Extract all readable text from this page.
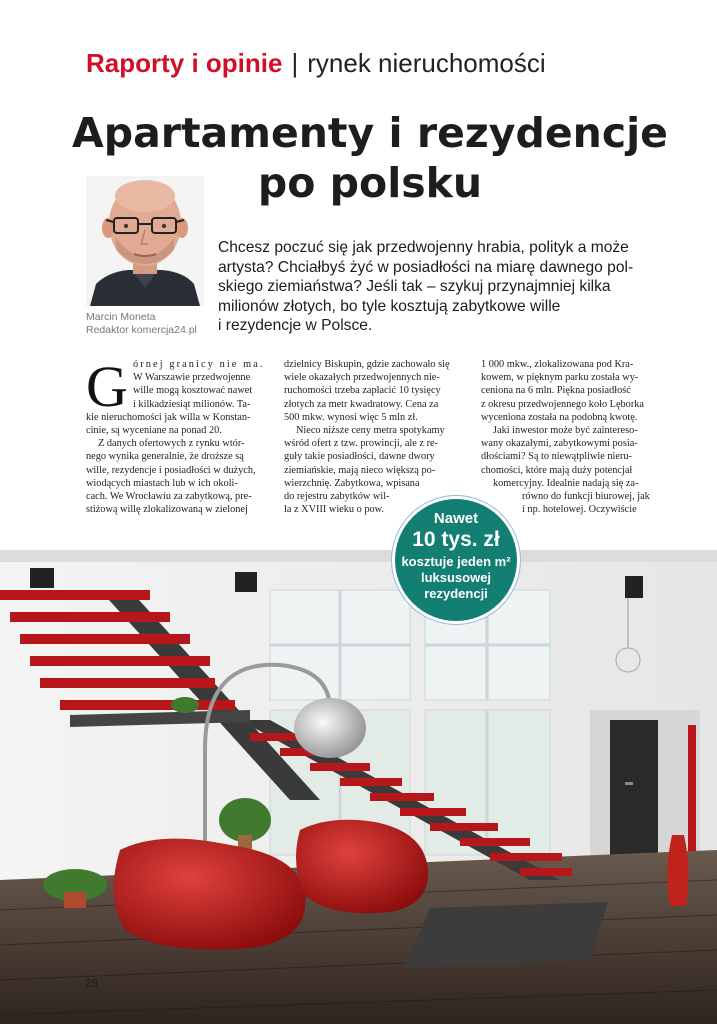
Raporty i opinie | rynek nieruchomości
Apartamenty i rezydencje
po polsku
Marcin Moneta
Redaktor komercja24.pl
Chcesz poczuć się jak przedwojenny hrabia, polityk a może
artysta? Chciałbyś żyć w posiadłości na miarę dawnego pol-
skiego ziemiaństwa? Jeśli tak – szykuj przynajmniej kilka
milionów złotych, bo tyle kosztują zabytkowe wille
i rezydencje w Polsce.
G órnej granicy nie ma.
W Warszawie przedwojenne
wille mogą kosztować nawet
i kilkadziesiąt milionów. Ta-
kie nieruchomości jak willa w Konstan-
cinie, są wyceniane na ponad 20.
Z danych ofertowych z rynku wtór-
nego wynika generalnie, że droższe są
wille, rezydencje i posiadłości w dużych,
wiodących miastach lub w ich okoli-
cach. We Wrocławiu za zabytkową, pre-
stiżową willę zlokalizowaną w zielonej
dzielnicy Biskupin, gdzie zachowało się
wiele okazałych przedwojennych nie-
ruchomości trzeba zapłacić 10 tysięcy
złotych za metr kwadratowy. Cena za
500 mkw. wynosi więc 5 mln zł.
Nieco niższe ceny metra spotykamy
wśród ofert z tzw. prowincji, ale z re-
guły takie posiadłości, dawne dwory
ziemiańskie, mają nieco większą po-
wierzchnię. Zabytkowa, wpisana
do rejestru zabytków wil-
la z XVIII wieku o pow.
1 000 mkw., zlokalizowana pod Kra-
kowem, w pięknym parku została wy-
ceniona na 6 mln. Piękna posiadłość
z okresu przedwojennego koło Lęborka
wyceniona została na podobną kwotę.
Jaki inwestor może być zaintereso-
wany okazałymi, zabytkowymi posia-
dłościami? Są to niewątpliwie nieru-
chomości, które mają duży potencjał
komercyjny. Idealnie nadają się za-
równo do funkcji biurowej, jak
i np. hotelowej. Oczywiście
Nawet
10 tys. zł
kosztuje jeden m²
luksusowej
rezydencji
26
